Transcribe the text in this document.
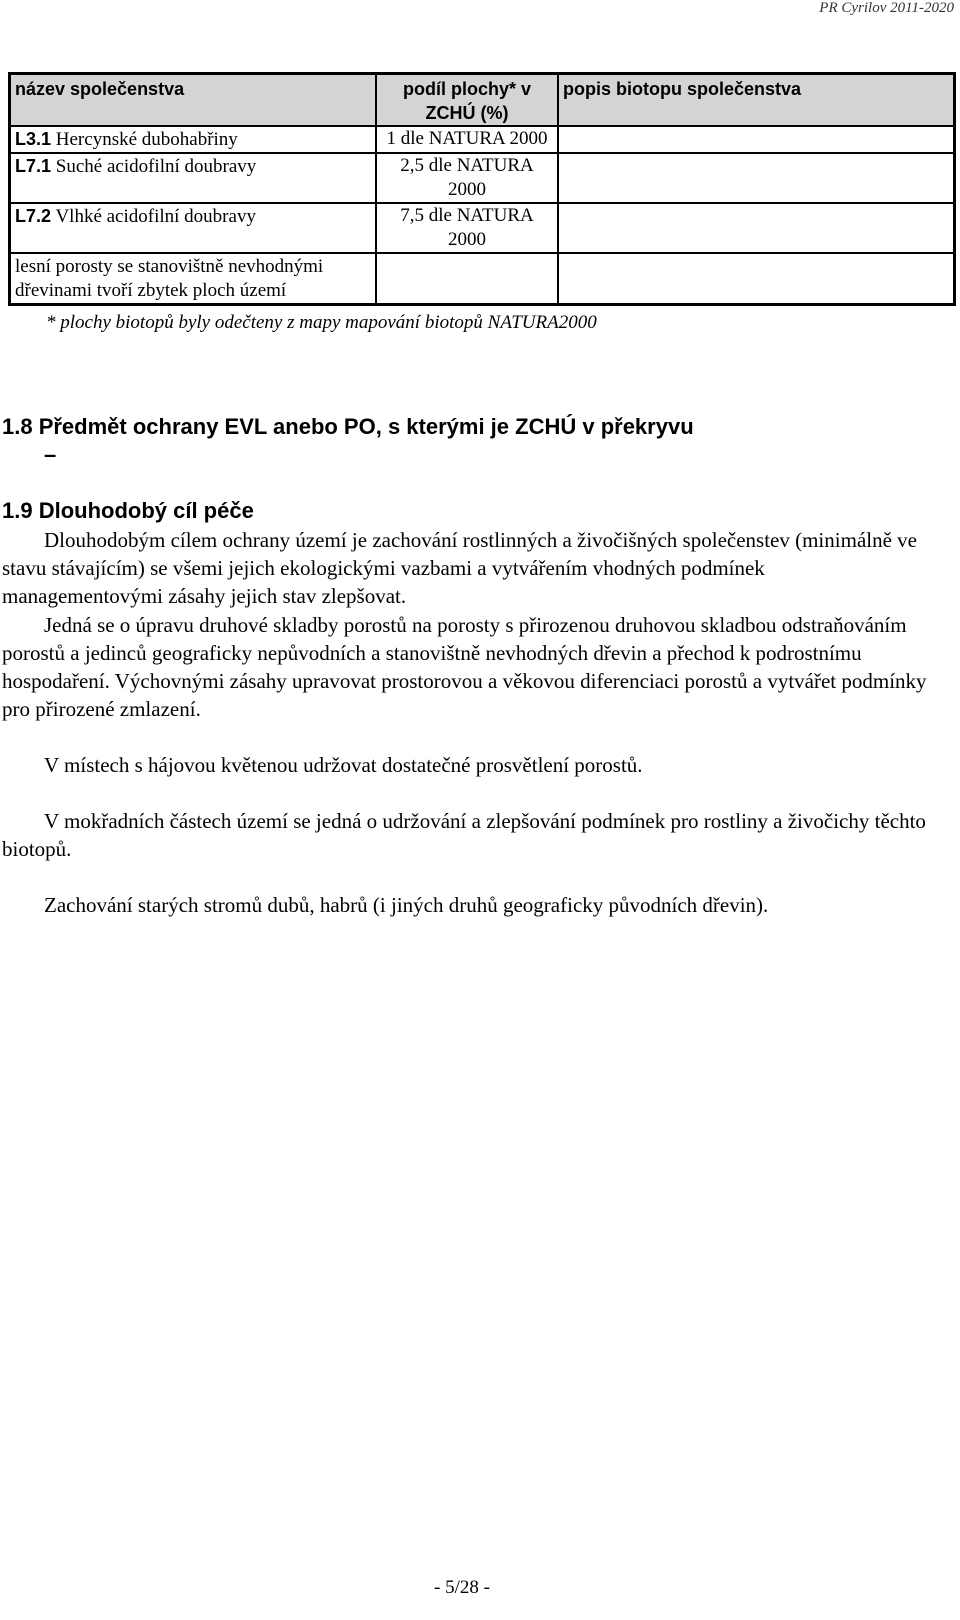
PR Cyrilov 2011-2020
název společenstva	podíl plochy* v ZCHÚ (%)	popis biotopu společenstva
L3.1 Hercynské dubohabřiny	1 dle NATURA 2000	
L7.1 Suché acidofilní doubravy	2,5 dle NATURA 2000	
L7.2 Vlhké acidofilní doubravy	7,5 dle NATURA 2000	
lesní porosty se stanovištně nevhodnými dřevinami tvoří zbytek ploch území		
* plochy biotopů byly odečteny z mapy mapování biotopů NATURA2000
1.8 Předmět ochrany EVL anebo PO, s kterými je ZCHÚ v překryvu
–
1.9 Dlouhodobý cíl péče

Dlouhodobým cílem ochrany území je zachování rostlinných a živočišných společenstev (minimálně ve stavu stávajícím) se všemi jejich ekologickými vazbami a vytvářením vhodných podmínek managementovými zásahy jejich stav zlepšovat.

Jedná se o úpravu druhové skladby porostů na porosty s přirozenou druhovou skladbou odstraňováním porostů a jedinců geograficky nepůvodních a stanovištně nevhodných dřevin a přechod k podrostnímu hospodaření. Výchovnými zásahy upravovat prostorovou a věkovou diferenciaci porostů a vytvářet podmínky pro přirozené zmlazení.

V místech s hájovou květenou udržovat dostatečné prosvětlení porostů.

V mokřadních částech území se jedná o udržování a zlepšování podmínek pro rostliny a živočichy těchto biotopů.

Zachování starých stromů dubů, habrů (i jiných druhů geograficky původních dřevin).

- 5/28 -
